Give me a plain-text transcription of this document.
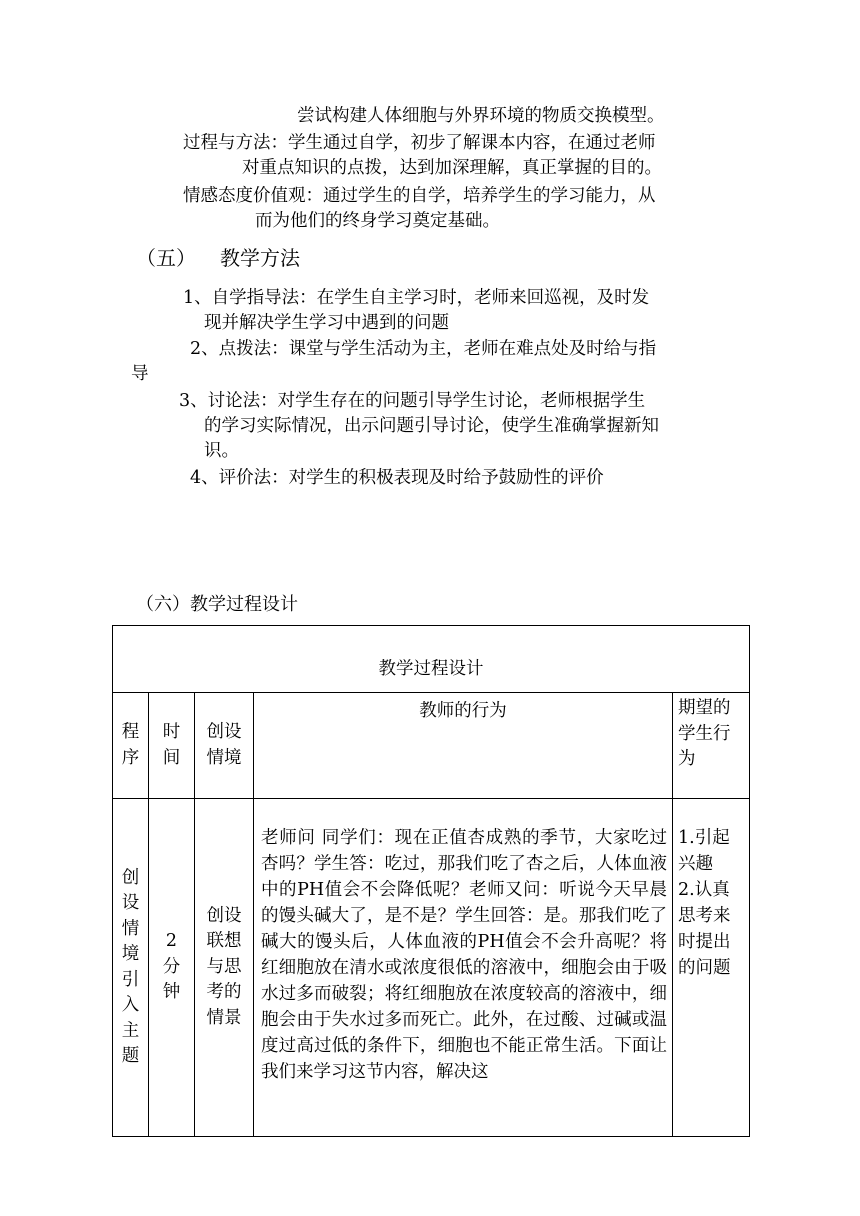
尝试构建人体细胞与外界环境的物质交换模型。
过程与方法：学生通过自学，初步了解课本内容，在通过老师
对重点知识的点拨，达到加深理解，真正掌握的目的。
情感态度价值观：通过学生的自学，培养学生的学习能力，从
而为他们的终身学习奠定基础。
（五） 教学方法
1、自学指导法：在学生自主学习时，老师来回巡视，及时发
现并解决学生学习中遇到的问题
2、点拨法：课堂与学生活动为主，老师在难点处及时给与指
导
3、讨论法：对学生存在的问题引导学生讨论，老师根据学生
的学习实际情况，出示问题引导讨论，使学生准确掌握新知
识。
4、评价法：对学生的积极表现及时给予鼓励性的评价
（六）教学过程设计
教学过程设计				
程序	时间	创设情境	教师的行为	期望的学生行为
创设情境引入主题	2分钟	创设联想与思考的情景	老师问 同学们：现在正值杏成熟的季节，大家吃过杏吗？学生答：吃过，那我们吃了杏之后，人体血液中的PH值会不会降低呢？老师又问：听说今天早晨的馒头碱大了，是不是？学生回答：是。那我们吃了碱大的馒头后，人体血液的PH值会不会升高呢？将红细胞放在清水或浓度很低的溶液中，细胞会由于吸水过多而破裂；将红细胞放在浓度较高的溶液中，细胞会由于失水过多而死亡。此外，在过酸、过碱或温度过高过低的条件下，细胞也不能正常生活。下面让我们来学习这节内容，解决这	1.引起兴趣
2.认真思考来时提出的问题
